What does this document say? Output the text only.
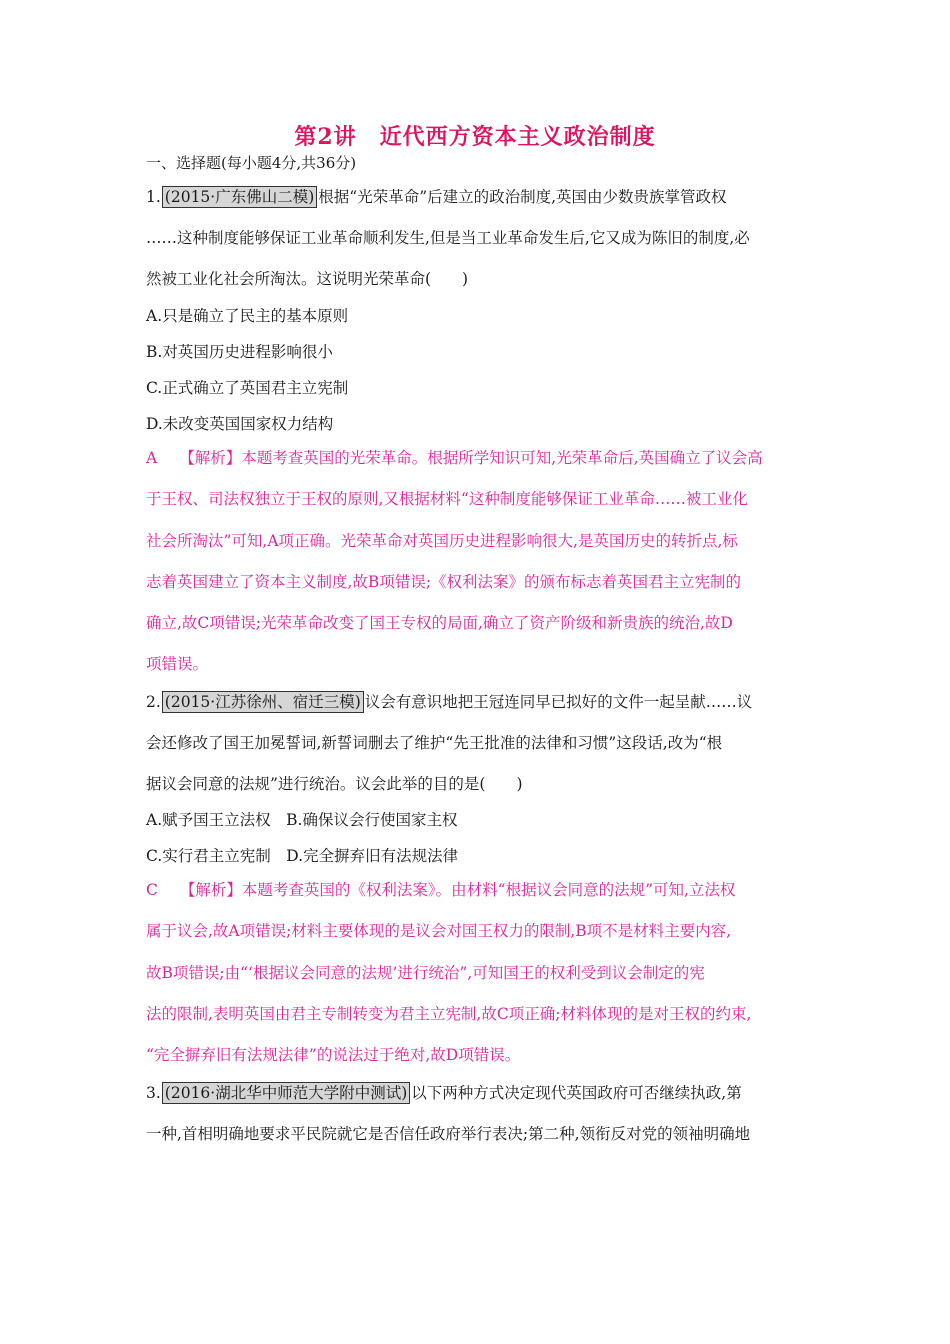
第2讲　近代西方资本主义政治制度
一、选择题(每小题4分,共36分)
1. (2015·广东佛山二模) 根据“光荣革命”后建立的政治制度,英国由少数贵族掌管政权
……这种制度能够保证工业革命顺利发生,但是当工业革命发生后,它又成为陈旧的制度,必
然被工业化社会所淘汰。这说明光荣革命(　　)
A.只是确立了民主的基本原则
B.对英国历史进程影响很小
C.正式确立了英国君主立宪制
D.未改变英国国家权力结构
A 【解析】本题考查英国的光荣革命。根据所学知识可知,光荣革命后,英国确立了议会高
于王权、司法权独立于王权的原则,又根据材料“这种制度能够保证工业革命……被工业化
社会所淘汰”可知,A项正确。光荣革命对英国历史进程影响很大,是英国历史的转折点,标
志着英国建立了资本主义制度,故B项错误;《权利法案》的颁布标志着英国君主立宪制的
确立,故C项错误;光荣革命改变了国王专权的局面,确立了资产阶级和新贵族的统治,故D
项错误。
2. (2015·江苏徐州、宿迁三模) 议会有意识地把王冠连同早已拟好的文件一起呈献……议
会还修改了国王加冕誓词,新誓词删去了维护“先王批准的法律和习惯”这段话,改为“根
据议会同意的法规”进行统治。议会此举的目的是(　　)
A.赋予国王立法权　 B.确保议会行使国家主权
C.实行君主立宪制　 D.完全摒弃旧有法规法律
C 【解析】本题考查英国的《权利法案》。由材料“根据议会同意的法规”可知,立法权
属于议会,故A项错误;材料主要体现的是议会对国王权力的限制,B项不是材料主要内容,
故B项错误;由“‘根据议会同意的法规’进行统治”,可知国王的权利受到议会制定的宪
法的限制,表明英国由君主专制转变为君主立宪制,故C项正确;材料体现的是对王权的约束,
“完全摒弃旧有法规法律”的说法过于绝对,故D项错误。
3. (2016·湖北华中师范大学附中测试) 以下两种方式决定现代英国政府可否继续执政,第
一种,首相明确地要求平民院就它是否信任政府举行表决;第二种,领衔反对党的领袖明确地
